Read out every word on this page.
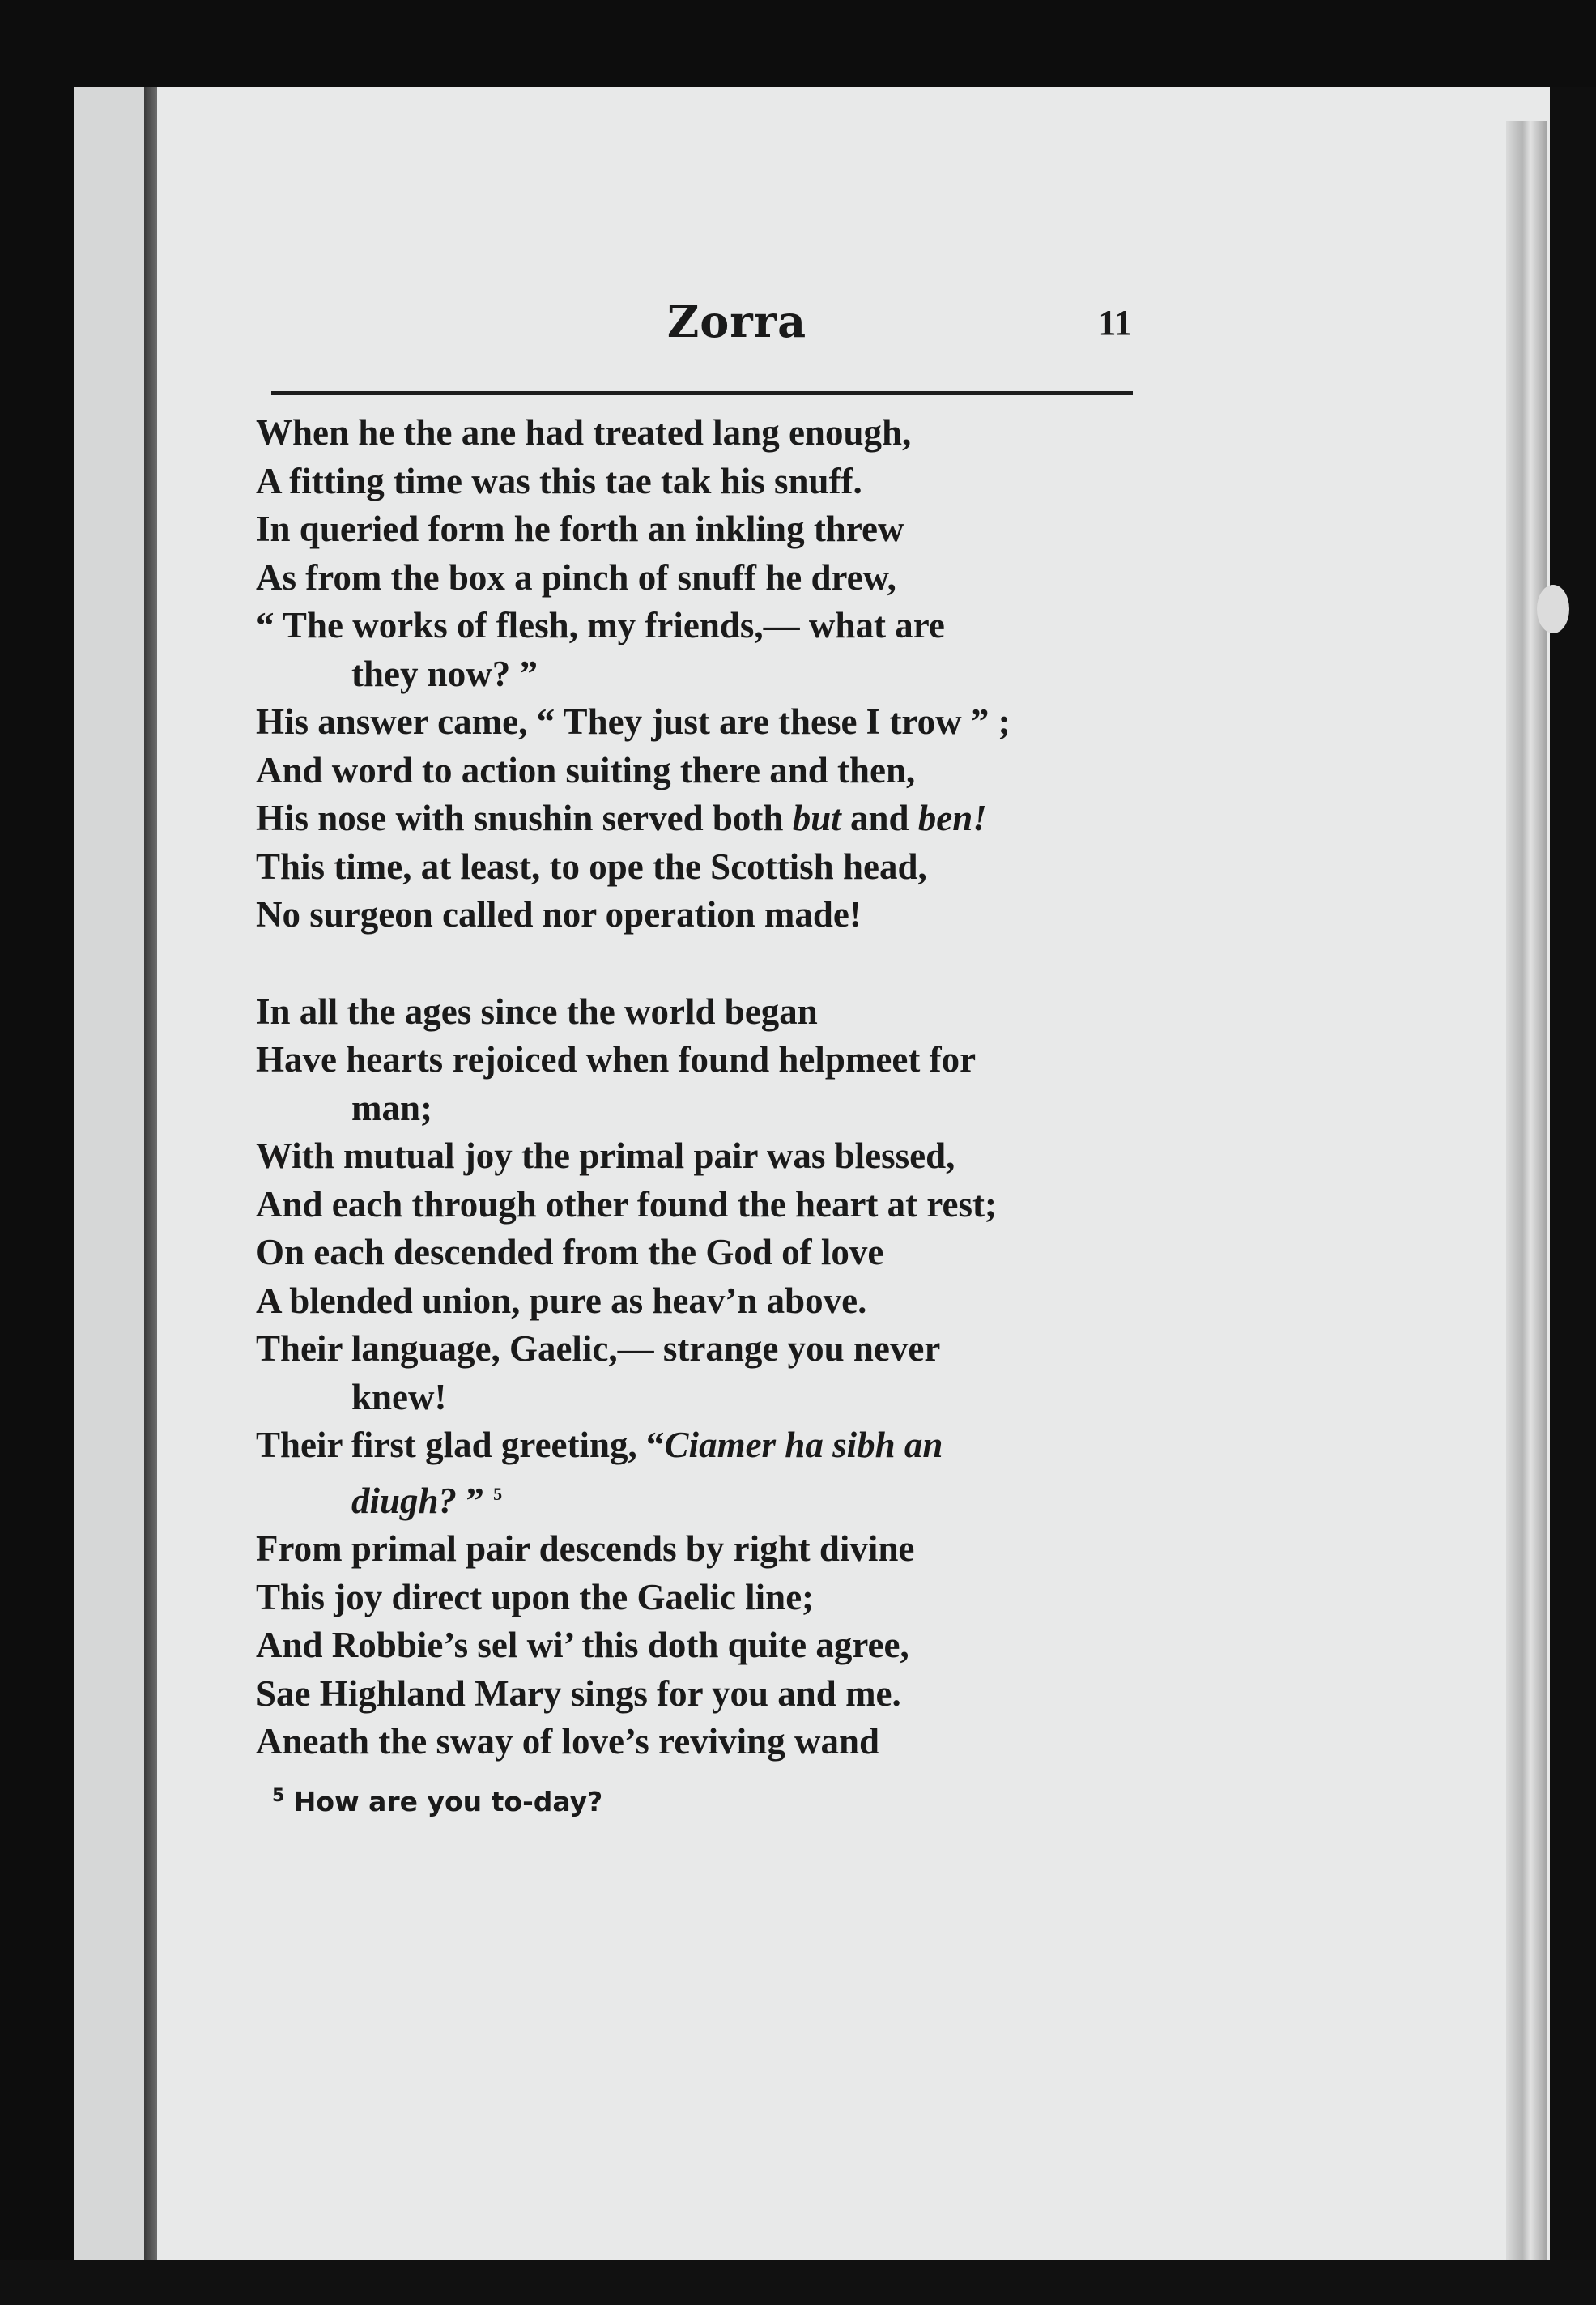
Zorra	11
When he the ane had treated lang enough,
A fitting time was this tae tak his snuff.
In queried form he forth an inkling threw
As from the box a pinch of snuff he drew,
“ The works of flesh, my friends,— what are
they now? ”
His answer came, “ They just are these I trow ” ;
And word to action suiting there and then,
His nose with snushin served both but and ben!
This time, at least, to ope the Scottish head,
No surgeon called nor operation made!
In all the ages since the world began
Have hearts rejoiced when found helpmeet for
man;
With mutual joy the primal pair was blessed,
And each through other found the heart at rest;
On each descended from the God of love
A blended union, pure as heav’n above.
Their language, Gaelic,— strange you never
knew!
Their first glad greeting, “Ciamer ha sibh an
diugh? ” $^5$
From primal pair descends by right divine
This joy direct upon the Gaelic line;
And Robbie’s sel wi’ this doth quite agree,
Sae Highland Mary sings for you and me.
Aneath the sway of love’s reviving wand
$^5$ How are you to-day?
